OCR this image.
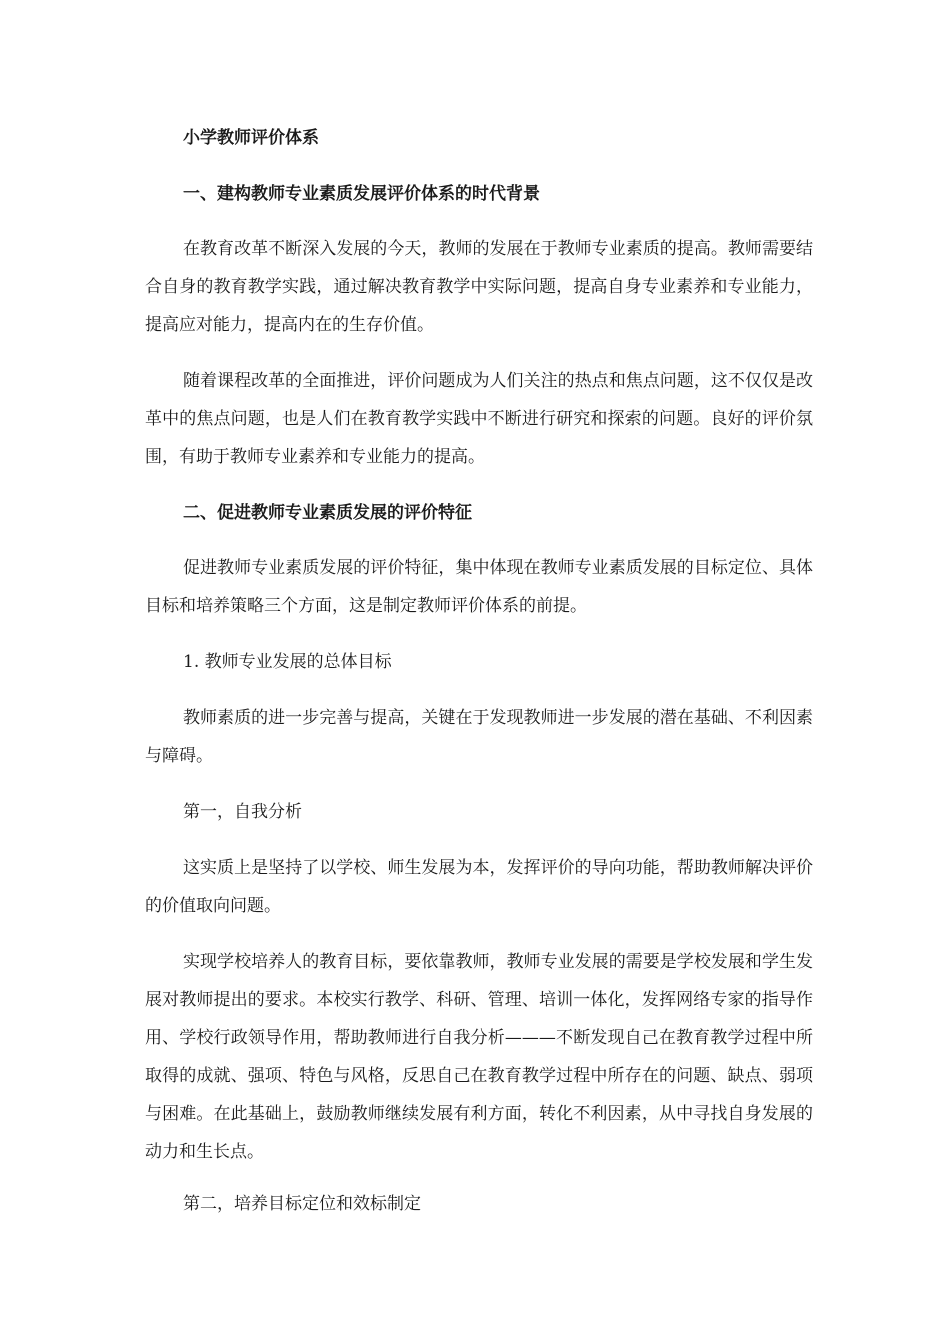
小学教师评价体系

一、建构教师专业素质发展评价体系的时代背景

在教育改革不断深入发展的今天，教师的发展在于教师专业素质的提高。教师需要结合自身的教育教学实践，通过解决教育教学中实际问题，提高自身专业素养和专业能力，提高应对能力，提高内在的生存价值。

随着课程改革的全面推进，评价问题成为人们关注的热点和焦点问题，这不仅仅是改革中的焦点问题，也是人们在教育教学实践中不断进行研究和探索的问题。良好的评价氛围，有助于教师专业素养和专业能力的提高。

二、促进教师专业素质发展的评价特征

促进教师专业素质发展的评价特征，集中体现在教师专业素质发展的目标定位、具体目标和培养策略三个方面，这是制定教师评价体系的前提。

1. 教师专业发展的总体目标

教师素质的进一步完善与提高，关键在于发现教师进一步发展的潜在基础、不利因素与障碍。

第一，自我分析

这实质上是坚持了以学校、师生发展为本，发挥评价的导向功能，帮助教师解决评价的价值取向问题。

实现学校培养人的教育目标，要依靠教师，教师专业发展的需要是学校发展和学生发展对教师提出的要求。本校实行教学、科研、管理、培训一体化，发挥网络专家的指导作用、学校行政领导作用，帮助教师进行自我分析———不断发现自己在教育教学过程中所取得的成就、强项、特色与风格，反思自己在教育教学过程中所存在的问题、缺点、弱项与困难。在此基础上，鼓励教师继续发展有利方面，转化不利因素，从中寻找自身发展的动力和生长点。

第二，培养目标定位和效标制定
